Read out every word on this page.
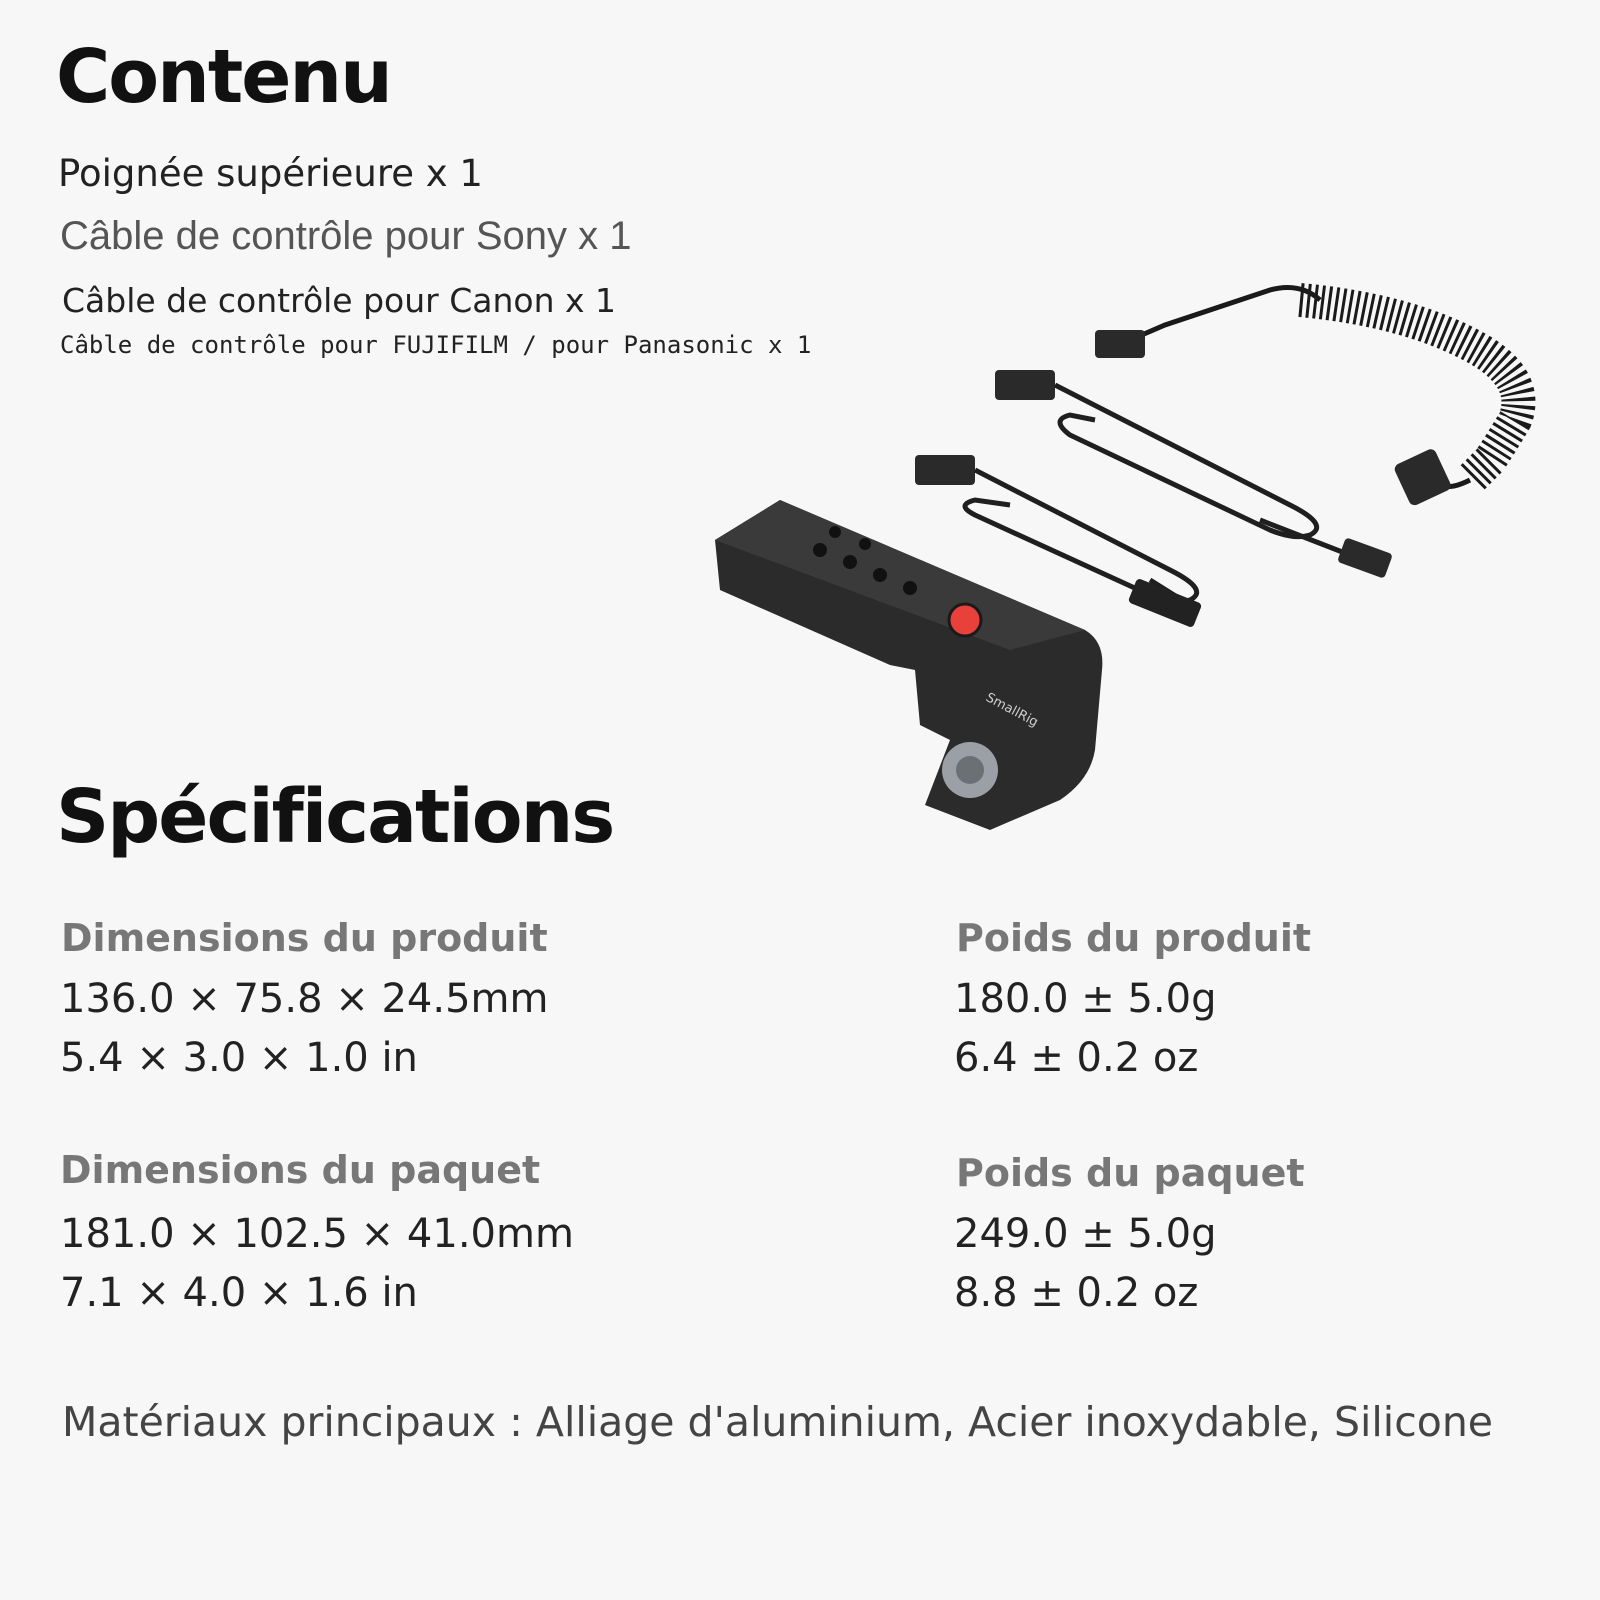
Contenu
Poignée supérieure x 1
Câble de contrôle pour Sony x 1
Câble de contrôle pour Canon x 1
Câble de contrôle pour FUJIFILM / pour Panasonic x 1
SmallRig
Spécifications
Dimensions du produit
136.0 × 75.8 × 24.5mm
5.4 × 3.0 × 1.0 in
Poids du produit
180.0 ± 5.0g
6.4 ± 0.2 oz
Dimensions du paquet
181.0 × 102.5 × 41.0mm
7.1 × 4.0 × 1.6 in
Poids du paquet
249.0 ± 5.0g
8.8 ± 0.2 oz
Matériaux principaux : Alliage d'aluminium, Acier inoxydable, Silicone
